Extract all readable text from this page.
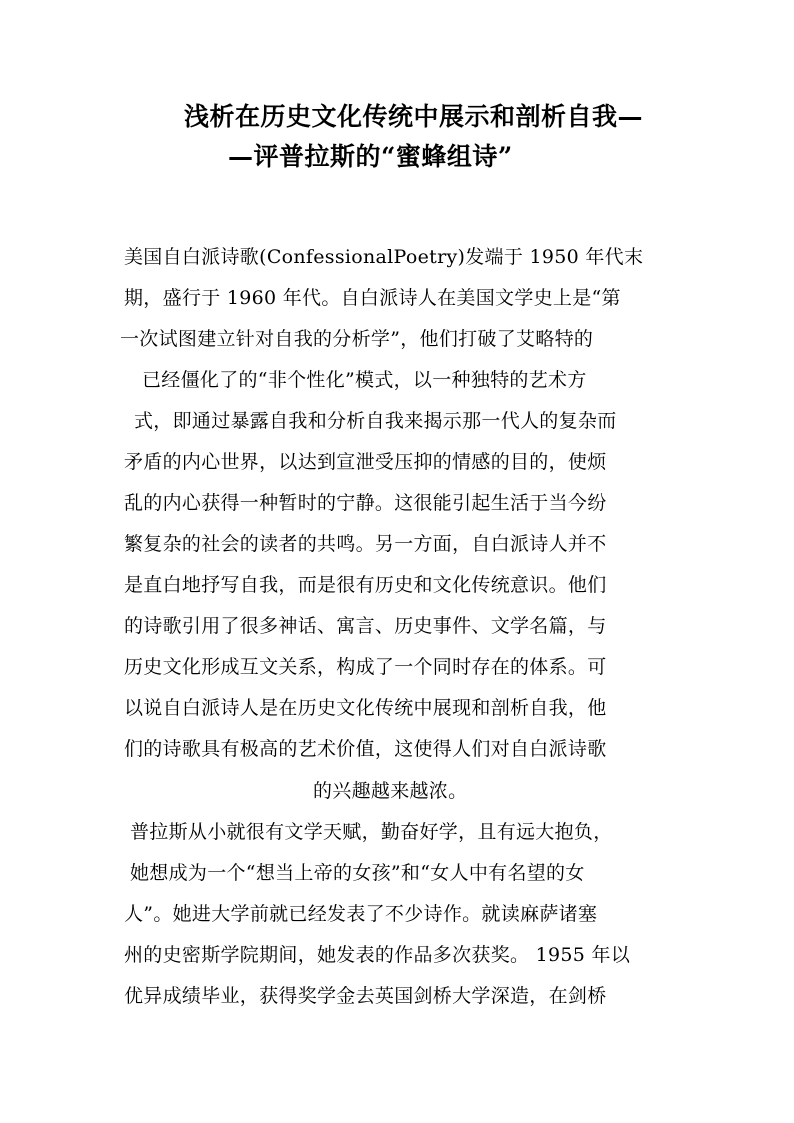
浅析在历史文化传统中展示和剖析自我—
—评普拉斯的“蜜蜂组诗”
美国自白派诗歌(ConfessionalPoetry)发端于 1950 年代末
期，盛行于 1960 年代。自白派诗人在美国文学史上是“第
一次试图建立针对自我的分析学”，他们打破了艾略特的
已经僵化了的“非个性化”模式，以一种独特的艺术方
式，即通过暴露自我和分析自我来揭示那一代人的复杂而
矛盾的内心世界，以达到宣泄受压抑的情感的目的，使烦
乱的内心获得一种暂时的宁静。这很能引起生活于当今纷
繁复杂的社会的读者的共鸣。另一方面，自白派诗人并不
是直白地抒写自我，而是很有历史和文化传统意识。他们
的诗歌引用了很多神话、寓言、历史事件、文学名篇，与
历史文化形成互文关系，构成了一个同时存在的体系。可
以说自白派诗人是在历史文化传统中展现和剖析自我，他
们的诗歌具有极高的艺术价值，这使得人们对自白派诗歌
的兴趣越来越浓。
普拉斯从小就很有文学天赋，勤奋好学，且有远大抱负，
她想成为一个“想当上帝的女孩”和“女人中有名望的女
人”。她进大学前就已经发表了不少诗作。就读麻萨诸塞
州的史密斯学院期间，她发表的作品多次获奖。 1955 年以
优异成绩毕业，获得奖学金去英国剑桥大学深造，在剑桥
